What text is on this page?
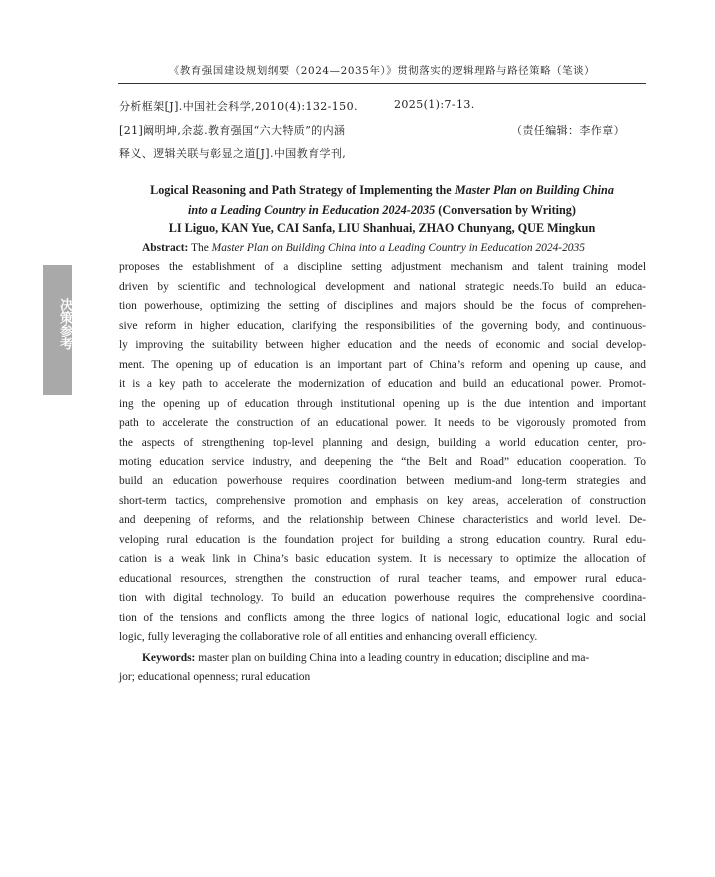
《教育强国建设规划纲要（2024—2035年）》贯彻落实的逻辑理路与路径策略（笔谈）
分析框架[J].中国社会科学,2010(4):132-150.	2025(1):7-13.
[21]阚明坤,余蕊.教育强国“六大特质”的内涵	（责任编辑：李作章）
释义、逻辑关联与彰显之道[J].中国教育学刊,
决策参考
Logical Reasoning and Path Strategy of Implementing the Master Plan on Building China
into a Leading Country in Eeducation 2024-2035 (Conversation by Writing)
LI Liguo, KAN Yue, CAI Sanfa, LIU Shanhuai, ZHAO Chunyang, QUE Mingkun
Abstract: The Master Plan on Building China into a Leading Country in Eeducation 2024-2035
proposes the establishment of a discipline setting adjustment mechanism and talent training model
driven by scientific and technological development and national strategic needs.To build an educa-
tion powerhouse, optimizing the setting of disciplines and majors should be the focus of comprehen-
sive reform in higher education, clarifying the responsibilities of the governing body, and continuous-
ly improving the suitability between higher education and the needs of economic and social develop-
ment. The opening up of education is an important part of China’s reform and opening up cause, and
it is a key path to accelerate the modernization of education and build an educational power. Promot-
ing the opening up of education through institutional opening up is the due intention and important
path to accelerate the construction of an educational power. It needs to be vigorously promoted from
the aspects of strengthening top-level planning and design, building a world education center, pro-
moting education service industry, and deepening the “the Belt and Road” education cooperation. To
build an education powerhouse requires coordination between medium-and long-term strategies and
short-term tactics, comprehensive promotion and emphasis on key areas, acceleration of construction
and deepening of reforms, and the relationship between Chinese characteristics and world level. De-
veloping rural education is the foundation project for building a strong education country. Rural edu-
cation is a weak link in China’s basic education system. It is necessary to optimize the allocation of
educational resources, strengthen the construction of rural teacher teams, and empower rural educa-
tion with digital technology. To build an education powerhouse requires the comprehensive coordina-
tion of the tensions and conflicts among the three logics of national logic, educational logic and social
logic, fully leveraging the collaborative role of all entities and enhancing overall efficiency.
Keywords: master plan on building China into a leading country in education; discipline and ma-
jor; educational openness; rural education
